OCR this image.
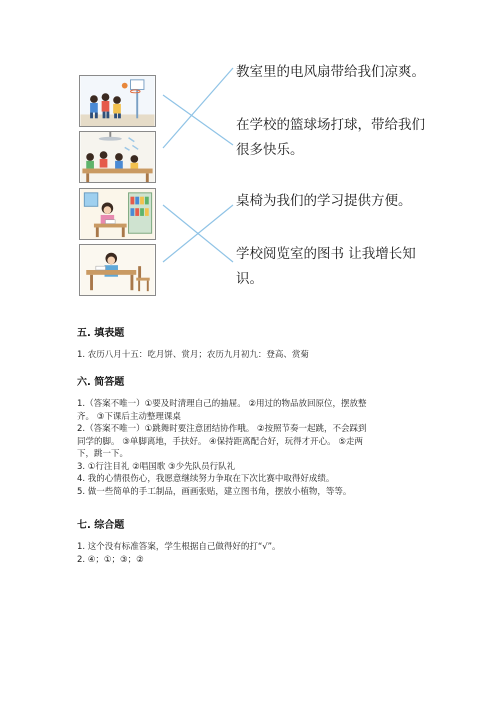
教室里的电风扇带给我们凉爽。
在学校的篮球场打球，带给我们
很多快乐。
桌椅为我们的学习提供方便。
学校阅览室的图书 让我增长知
识。
五. 填表题
1. 农历八月十五：吃月饼、赏月；农历九月初九：登高、赏菊
六. 简答题
1.（答案不唯一）①要及时清理自己的抽屉。 ②用过的物品放回原位，摆放整
齐。 ③下课后主动整理课桌
2.（答案不唯一）①跳舞时要注意团结协作哦。 ②按照节奏一起跳，不会踩到
同学的脚。 ③单脚离地，手扶好。 ④保持距离配合好，玩得才开心。 ⑤走两
下，跳一下。
3. ①行注目礼 ②唱国歌 ③少先队员行队礼
4. 我的心情很伤心，我愿意继续努力争取在下次比赛中取得好成绩。
5. 做一些简单的手工制品，画画张贴，建立图书角，摆放小植物，等等。
七. 综合题
1. 这个没有标准答案，学生根据自己做得好的打“√”。
2. ④；①；③；②
